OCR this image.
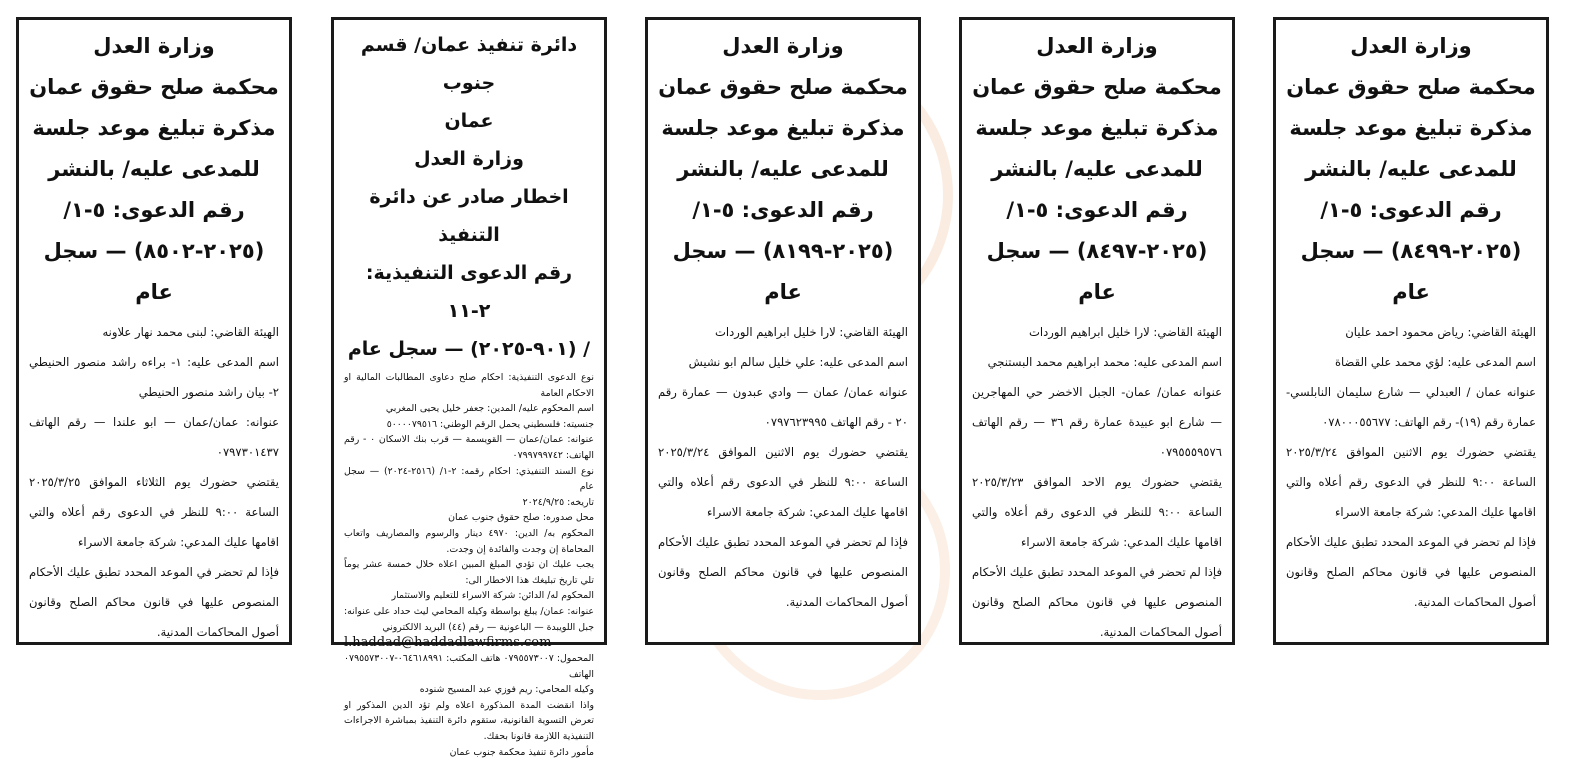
وزارة العدل
محكمة صلح حقوق عمان
مذكرة تبليغ موعد جلسة
للمدعى عليه/ بالنشر
رقم الدعوى: ٥-١/
(٢٠٢٥-٨٥٠٢) — سجل
عام

الهيئة القاضي: لبنى محمد نهار علاونه

اسم المدعى عليه: ١- براءه راشد منصور الحنيطي ٢- بيان راشد منصور الحنيطي

عنوانه: عمان/عمان — ابو علندا — رقم الهاتف ٠٧٩٧٣٠١٤٣٧

يقتضي حضورك يوم الثلاثاء الموافق ٢٠٢٥/٣/٢٥ الساعة ٩:٠٠ للنظر في الدعوى رقم أعلاه والتي اقامها عليك المدعي: شركة جامعة الاسراء

فإذا لم تحضر في الموعد المحدد تطبق عليك الأحكام المنصوص عليها في قانون محاكم الصلح وقانون أصول المحاكمات المدنية.

دائرة تنفيذ عمان/ قسم جنوب
عمان
وزارة العدل
اخطار صادر عن دائرة التنفيذ
رقم الدعوى التنفيذية: ٢-١١
/ (٩٠١-٢٠٢٥) — سجل عام

نوع الدعوى التنفيذية: احكام صلح دعاوى المطالبات المالية او الاحكام العامة

اسم المحكوم عليه/ المدين: جعفر خليل يحيى المغربي

جنسيته: فلسطيني يحمل الرقم الوطني: ٥٠٠٠٠٧٩٥١٦

عنوانه: عمان/عمان — القويسمة — قرب بنك الاسكان ٠ - رقم الهاتف: ٠٧٩٩٧٩٩٧٤٢

نوع السند التنفيذي: احكام رقمه: ٢-١/ (٢٥١٦-٢٠٢٤) — سجل عام

تاريخه: ٢٠٢٤/٩/٢٥

محل صدوره: صلح حقوق جنوب عمان

المحكوم به/ الدين: ٤٩٧٠ دينار والرسوم والمصاريف واتعاب المحاماة إن وجدت والفائدة إن وجدت.

يجب عليك ان تؤدي المبلغ المبين اعلاه خلال خمسة عشر يوماً تلي تاريخ تبليغك هذا الاخطار الى:

المحكوم له/ الدائن: شركة الاسراء للتعليم والاستثمار

عنوانه: عمان/ يبلغ بواسطة وكيله المحامي ليث حداد على عنوانه: جبل اللويبدة — الباعونية — رقم (٤٤) البريد الالكتروني

l.haddad@haddadlawfirms.com

المحمول: ٠٧٩٥٥٧٣٠٠٧ هاتف المكتب: ٠٦٤٦١٨٩٩١-٠٧٩٥٥٧٣٠٠٧ الهاتف

وكيله المحامي: ريم فوزي عبد المسيح شنوده

واذا انقضت المدة المذكورة اعلاه ولم تؤد الدين المذكور او تعرض التسوية القانونية، ستقوم دائرة التنفيذ بمباشرة الاجراءات التنفيذية اللازمة قانونا بحقك.

مأمور دائرة تنفيذ محكمة جنوب عمان

وزارة العدل
محكمة صلح حقوق عمان
مذكرة تبليغ موعد جلسة
للمدعى عليه/ بالنشر
رقم الدعوى: ٥-١/
(٢٠٢٥-٨١٩٩) — سجل
عام

الهيئة القاضي: لارا خليل ابراهيم الوردات

اسم المدعى عليه: علي خليل سالم ابو نشيش

عنوانه عمان/ عمان — وادي عبدون — عمارة رقم ٢٠ - رقم الهاتف ٠٧٩٧٦٢٣٩٩٥

يقتضي حضورك يوم الاثنين الموافق ٢٠٢٥/٣/٢٤ الساعة ٩:٠٠ للنظر في الدعوى رقم أعلاه والتي اقامها عليك المدعي: شركة جامعة الاسراء

فإذا لم تحضر في الموعد المحدد تطبق عليك الأحكام المنصوص عليها في قانون محاكم الصلح وقانون أصول المحاكمات المدنية.

وزارة العدل
محكمة صلح حقوق عمان
مذكرة تبليغ موعد جلسة
للمدعى عليه/ بالنشر
رقم الدعوى: ٥-١/
(٢٠٢٥-٨٤٩٧) — سجل
عام

الهيئة القاضي: لارا خليل ابراهيم الوردات

اسم المدعى عليه: محمد ابراهيم محمد البستنجي

عنوانه عمان/ عمان- الجبل الاخضر حي المهاجرين — شارع ابو عبيدة عمارة رقم ٣٦ — رقم الهاتف ٠٧٩٥٥٥٩٥٧٦

يقتضي حضورك يوم الاحد الموافق ٢٠٢٥/٣/٢٣ الساعة ٩:٠٠ للنظر في الدعوى رقم أعلاه والتي اقامها عليك المدعي: شركة جامعة الاسراء

فإذا لم تحضر في الموعد المحدد تطبق عليك الأحكام المنصوص عليها في قانون محاكم الصلح وقانون أصول المحاكمات المدنية.

وزارة العدل
محكمة صلح حقوق عمان
مذكرة تبليغ موعد جلسة
للمدعى عليه/ بالنشر
رقم الدعوى: ٥-١/
(٢٠٢٥-٨٤٩٩) — سجل
عام

الهيئة القاضي: رياض محمود احمد عليان

اسم المدعى عليه: لؤي محمد علي القضاة

عنوانه عمان / العبدلي — شارع سليمان النابلسي- عمارة رقم (١٩)- رقم الهاتف: ٠٧٨٠٠٠٥٥٦٧٧

يقتضي حضورك يوم الاثنين الموافق ٢٠٢٥/٣/٢٤ الساعة ٩:٠٠ للنظر في الدعوى رقم أعلاه والتي اقامها عليك المدعي: شركة جامعة الاسراء

فإذا لم تحضر في الموعد المحدد تطبق عليك الأحكام المنصوص عليها في قانون محاكم الصلح وقانون أصول المحاكمات المدنية.
